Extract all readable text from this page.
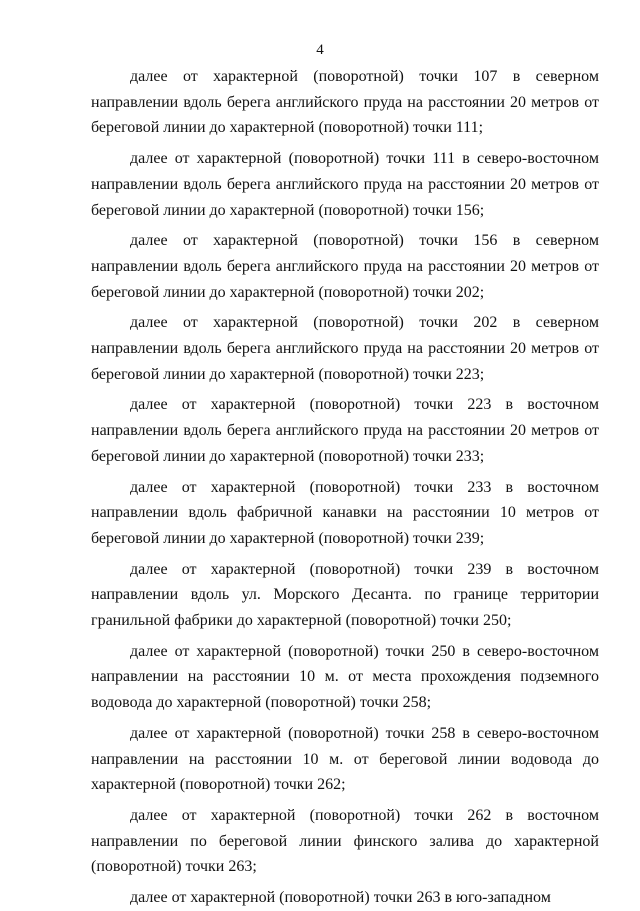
4

далее от характерной (поворотной) точки 107 в северном направлении вдоль берега английского пруда на расстоянии 20 метров от береговой линии до характерной (поворотной) точки 111;

далее от характерной (поворотной) точки 111 в северо-восточном направлении вдоль берега английского пруда на расстоянии 20 метров от береговой линии до характерной (поворотной) точки 156;

далее от характерной (поворотной) точки 156 в северном направлении вдоль берега английского пруда на расстоянии 20 метров от береговой линии до характерной (поворотной) точки 202;

далее от характерной (поворотной) точки 202 в северном направлении вдоль берега английского пруда на расстоянии 20 метров от береговой линии до характерной (поворотной) точки 223;

далее от характерной (поворотной) точки 223 в восточном направлении вдоль берега английского пруда на расстоянии 20 метров от береговой линии до характерной (поворотной) точки 233;

далее от характерной (поворотной) точки 233 в восточном направлении вдоль фабричной канавки на расстоянии 10 метров от береговой линии до характерной (поворотной) точки 239;

далее от характерной (поворотной) точки 239 в восточном направлении вдоль ул. Морского Десанта. по границе территории гранильной фабрики до характерной (поворотной) точки 250;

далее от характерной (поворотной) точки 250 в северо-восточном направлении на расстоянии 10 м. от места прохождения подземного водовода до характерной (поворотной) точки 258;

далее от характерной (поворотной) точки 258 в северо-восточном направлении на расстоянии 10 м. от береговой линии водовода до характерной (поворотной) точки 262;

далее от характерной (поворотной) точки 262 в восточном направлении по береговой линии финского залива до характерной (поворотной) точки 263;

далее от характерной (поворотной) точки 263 в юго-западном
